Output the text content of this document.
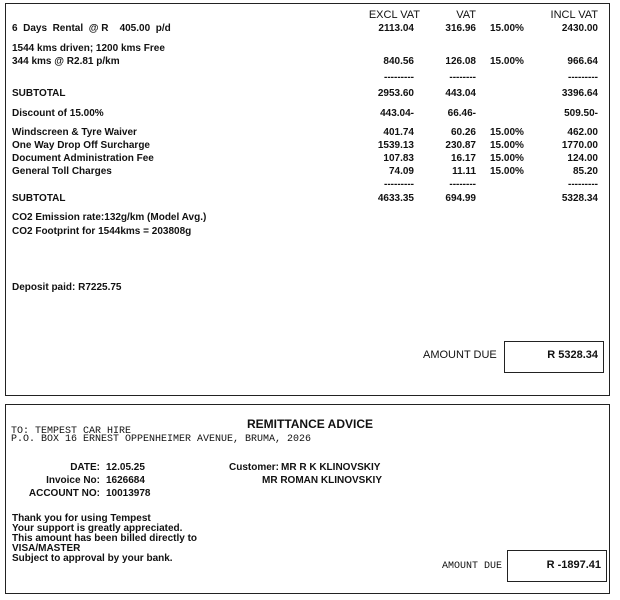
EXCL VAT	VAT	INCL VAT
6  Days  Rental  @ R    405.00  p/d	2113.04	316.96 15.00%	2430.00
1544 kms driven; 1200 kms Free
344 kms @ R2.81 p/km	840.56	126.08 15.00%	966.64
---------	--------	---------
SUBTOTAL	2953.60	443.04	3396.64
Discount of 15.00%	443.04-	66.46-	509.50-
Windscreen & Tyre Waiver	401.74	60.26 15.00%	462.00
One Way Drop Off Surcharge	1539.13	230.87 15.00%	1770.00
Document Administration Fee	107.83	16.17 15.00%	124.00
General Toll Charges	74.09	11.11 15.00%	85.20
---------	--------	---------
SUBTOTAL	4633.35	694.99	5328.34
CO2 Emission rate:132g/km (Model Avg.)
CO2 Footprint for 1544kms = 203808g
Deposit paid: R7225.75
AMOUNT DUE	R 5328.34
REMITTANCE ADVICE
TO: TEMPEST CAR HIRE
P.O. BOX 16 ERNEST OPPENHEIMER AVENUE, BRUMA, 2026
DATE: 12.05.25
Invoice No: 1626684
ACCOUNT NO: 10013978
Customer: MR R K KLINOVSKIY
MR ROMAN KLINOVSKIY
Thank you for using Tempest
Your support is greatly appreciated.
This amount has been billed directly to
VISA/MASTER
Subject to approval by your bank.
AMOUNT DUE	R -1897.41
